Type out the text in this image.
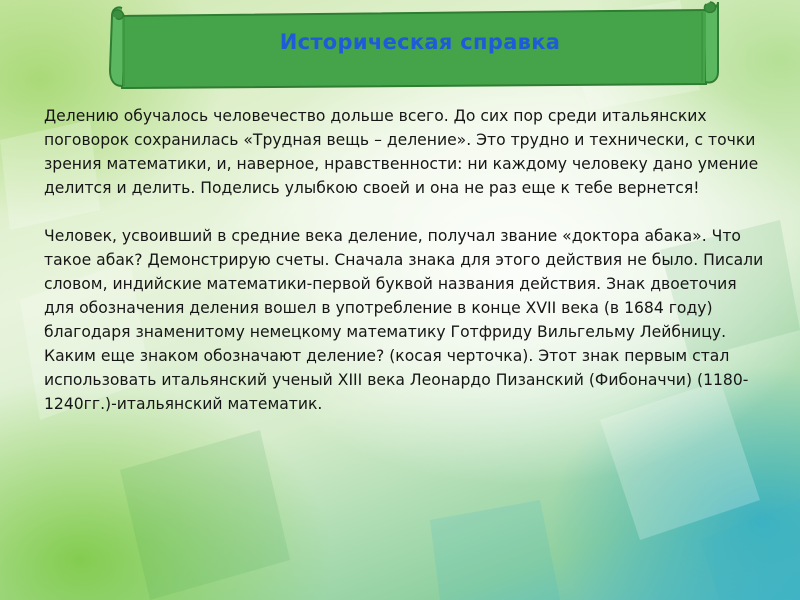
Историческая справка

Делению обучалось человечество дольше всего. До сих пор среди итальянских поговорок сохранилась «Трудная вещь – деление». Это трудно и технически, с точки зрения математики, и, наверное, нравственности: ни каждому человеку дано умение делится и делить. Поделись улыбкою своей и она не раз еще к тебе вернется!

Человек, усвоивший в средние века деление, получал звание «доктора абака». Что такое абак? Демонстрирую счеты. Сначала знака для этого действия не было. Писали словом, индийские математики-первой буквой названия действия. Знак двоеточия для обозначения деления вошел в употребление в конце XVII века (в 1684 году) благодаря знаменитому немецкому математику Готфриду Вильгельму Лейбницу. Каким еще знаком обозначают деление? (косая черточка). Этот знак первым стал использовать итальянский ученый XIII века Леонардо Пизанский (Фибоначчи) (1180-1240гг.)-итальянский математик.
